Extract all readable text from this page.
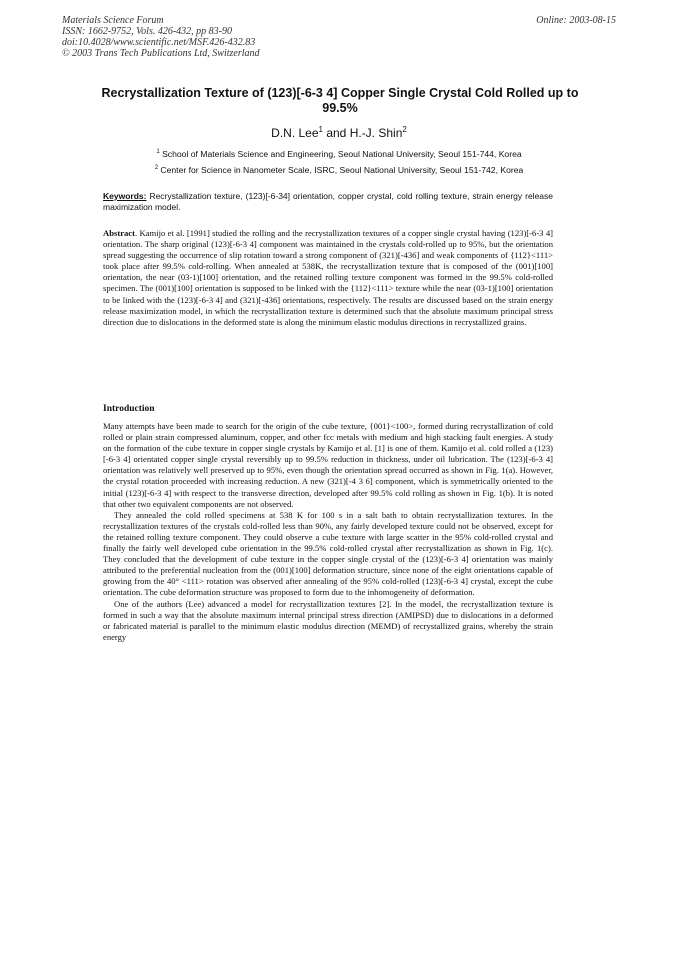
Materials Science Forum
ISSN: 1662-9752, Vols. 426-432, pp 83-90
doi:10.4028/www.scientific.net/MSF.426-432.83
© 2003 Trans Tech Publications Ltd, Switzerland
Online: 2003-08-15
Recrystallization Texture of (123)[-6-3 4] Copper Single Crystal Cold Rolled up to 99.5%
D.N. Lee$^1$ and H.-J. Shin$^2$
$^1$ School of Materials Science and Engineering, Seoul National University, Seoul 151-744, Korea
$^2$ Center for Science in Nanometer Scale, ISRC, Seoul National University, Seoul 151-742, Korea
Keywords: Recrystallization texture, (123)[-6-34] orientation, copper crystal, cold rolling texture, strain energy release maximization model.
Abstract. Kamijo et al. [1991] studied the rolling and the recrystallization textures of a copper single crystal having (123)[-6-3 4] orientation. The sharp original (123)[-6-3 4] component was maintained in the crystals cold-rolled up to 95%, but the orientation spread suggesting the occurrence of slip rotation toward a strong component of (321)[-436] and weak components of {112}<111> took place after 99.5% cold-rolling. When annealed at 538K, the recrystallization texture that is composed of the (001)[100] orientation, the near (03-1)[100] orientation, and the retained rolling texture component was formed in the 99.5% cold-rolled specimen. The (001)[100] orientation is supposed to be linked with the {112}<111> texture while the near (03-1)[100] orientation to be linked with the (123)[-6-3 4] and (321)[-436] orientations, respectively. The results are discussed based on the strain energy release maximization model, in which the recrystallization texture is determined such that the absolute maximum principal stress direction due to dislocations in the deformed state is along the minimum elastic modulus directions in recrystallized grains.
Introduction

Many attempts have been made to search for the origin of the cube texture, {001}<100>, formed during recrystallization of cold rolled or plain strain compressed aluminum, copper, and other fcc metals with medium and high stacking fault energies. A study on the formation of the cube texture in copper single crystals by Kamijo et al. [1] is one of them. Kamijo et al. cold rolled a (123)[-6-3 4] orientated copper single crystal reversibly up to 99.5% reduction in thickness, under oil lubrication. The (123)[-6-3 4] orientation was relatively well preserved up to 95%, even though the orientation spread occurred as shown in Fig. 1(a). However, the crystal rotation proceeded with increasing reduction. A new (321)[-4 3 6] component, which is symmetrically oriented to the initial (123)[-6-3 4] with respect to the transverse direction, developed after 99.5% cold rolling as shown in Fig. 1(b). It is noted that other two equivalent components are not observed.

They annealed the cold rolled specimens at 538 K for 100 s in a salt bath to obtain recrystallization textures. In the recrystallization textures of the crystals cold-rolled less than 90%, any fairly developed texture could not be observed, except for the retained rolling texture component. They could observe a cube texture with large scatter in the 95% cold-rolled crystal and finally the fairly well developed cube orientation in the 99.5% cold-rolled crystal after recrystallization as shown in Fig. 1(c). They concluded that the development of cube texture in the copper single crystal of the (123)[-6-3 4] orientation was mainly attributed to the preferential nucleation from the (001)[100] deformation structure, since none of the eight orientations capable of growing from the 40° <111> rotation was observed after annealing of the 95% cold-rolled (123)[-6-3 4] crystal, except the cube orientation. The cube deformation structure was proposed to form due to the inhomogeneity of deformation.

One of the authors (Lee) advanced a model for recrystallization textures [2]. In the model, the recrystallization texture is formed in such a way that the absolute maximum internal principal stress direction (AMIPSD) due to dislocations in a deformed or fabricated material is parallel to the minimum elastic modulus direction (MEMD) of recrystallized grains, whereby the strain energy
